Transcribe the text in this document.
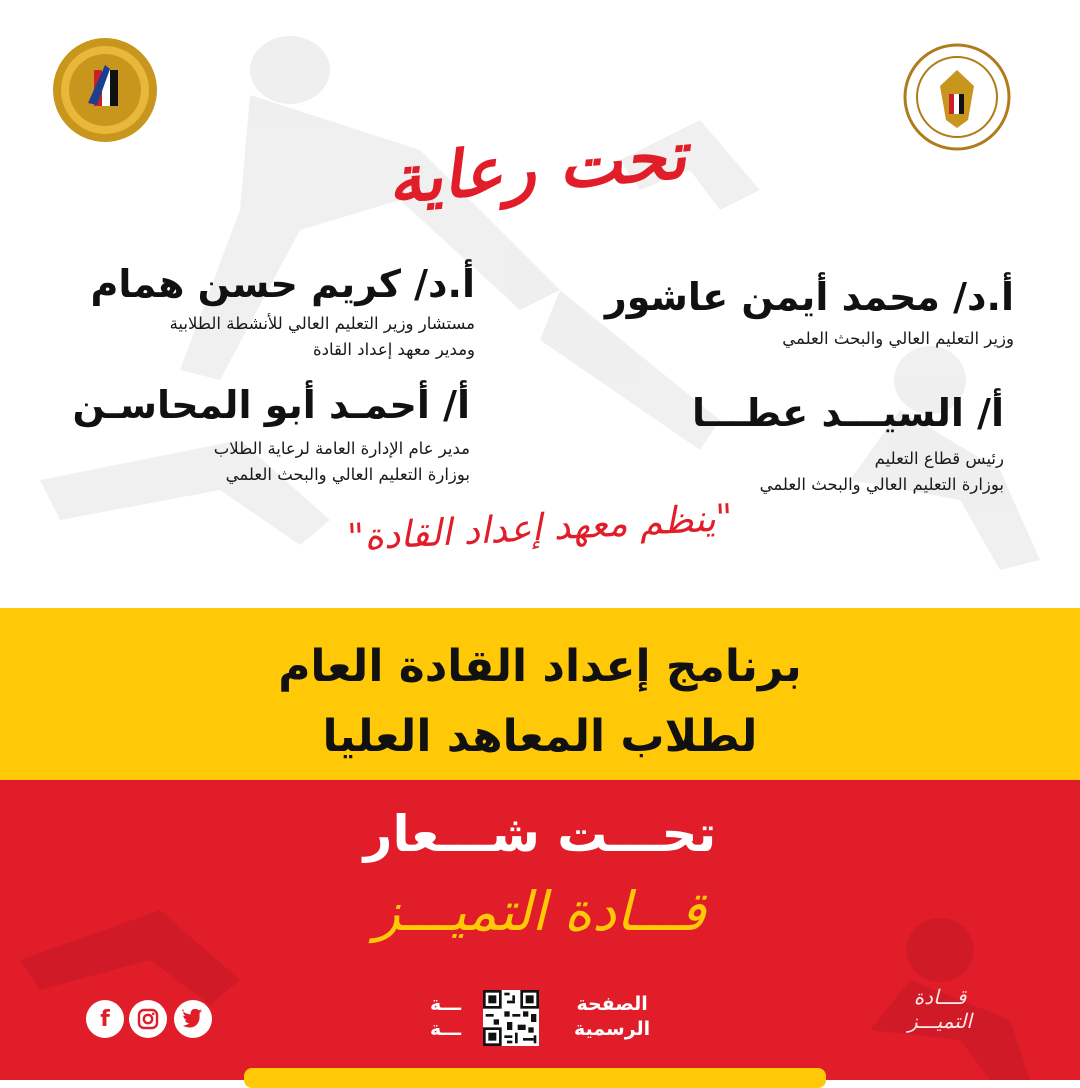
تحت رعاية
أ.د/ محمد أيمن عاشور
وزير التعليم العالي والبحث العلمي
أ.د/ كريم حسن همام
مستشار وزير التعليم العالي للأنشطة الطلابية
ومدير معهد إعداد القادة
أ/ السيـــد عطـــا
رئيس قطاع التعليم
بوزارة التعليم العالي والبحث العلمي
أ/ أحمـد أبو المحاسـن
مدير عام الإدارة العامة لرعاية الطلاب
بوزارة التعليم العالي والبحث العلمي
"ينظم معهد إعداد القادة"
برنامج إعداد القادة العام
لطلاب المعاهد العليا
تحـــت شـــعار
قـــادة التميـــز
f
ـــة
ـــة
الصفحة
الرسمية
قـــادة
التميـــز
